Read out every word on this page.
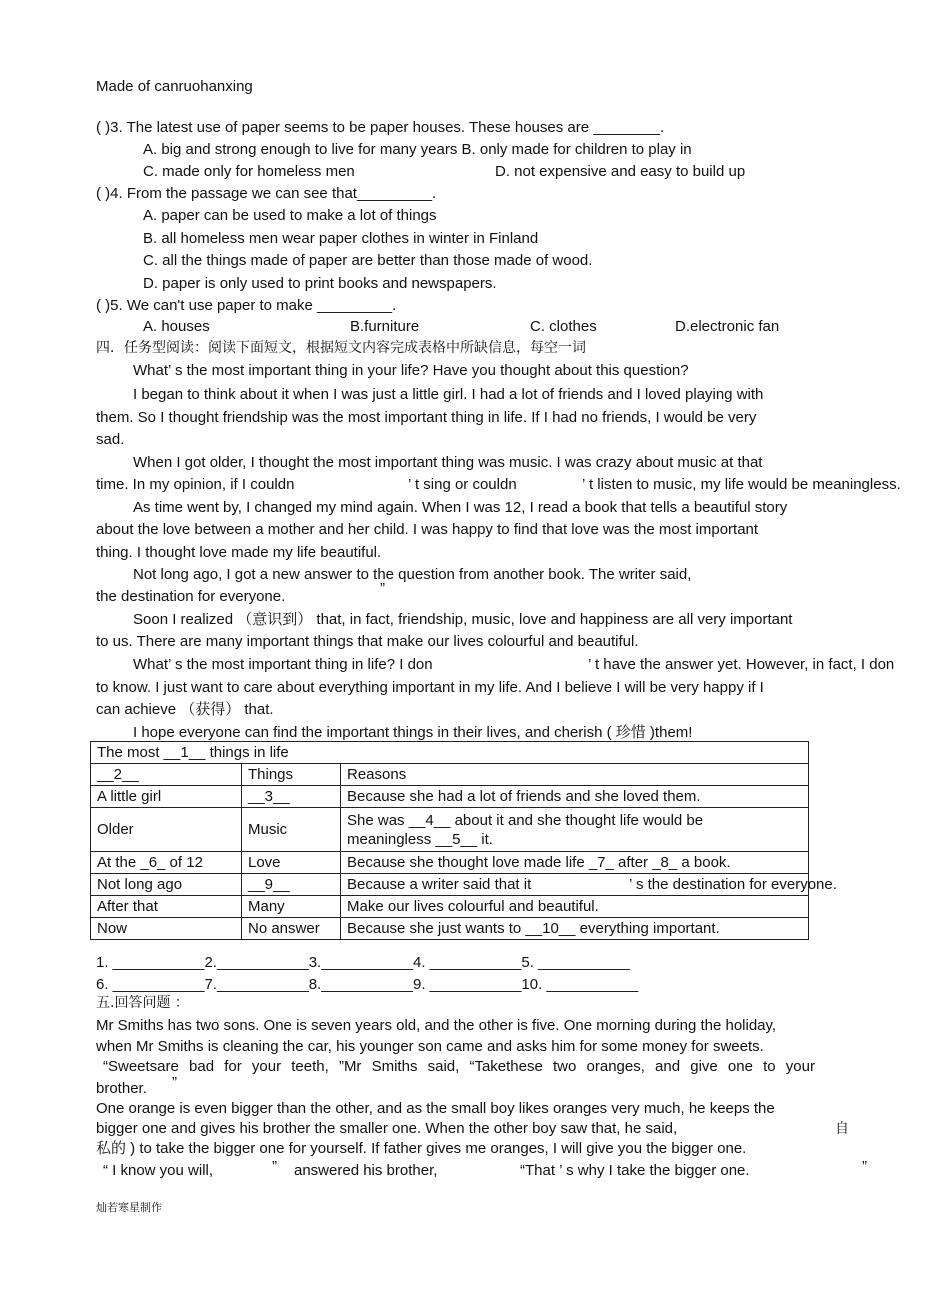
Made of canruohanxing
( )3. The latest use of paper seems to be paper houses. These houses are ________.
A. big and strong enough to live for many years B. only made for children to play in
C. made only for homeless men	D. not expensive and easy to build up
( )4. From the passage we can see that_________.
A. paper can be used to make a lot of things
B. all homeless men wear paper clothes in winter in Finland
C. all the things made of paper are better than those made of wood.
D. paper is only used to print books and newspapers.
( )5. We can't use paper to make _________.
A. houses	B.furniture	C. clothes	D.electronic fan
四．任务型阅读：阅读下面短文，根据短文内容完成表格中所缺信息，每空一词
What’ s the most important thing in your life? Have you thought about this question?
I began to think about it when I was just a little girl. I had a lot of friends and I loved playing with
them. So I thought friendship was the most important thing in life. If I had no friends, I would be very
sad.
When I got older, I thought the most important thing was music. I was crazy about music at that
time. In my opinion, if I couldn	’ t sing or couldn	’ t listen to music, my life would be meaningless.
As time went by, I changed my mind again. When I was 12, I read a book that tells a beautiful story
about the love between a mother and her child. I was happy to find that love was the most important
thing. I thought love made my life beautiful.
Not long ago, I got a new answer to the question from another book. The writer said,
the destination for everyone.	”
Soon I realized （意识到） that, in fact, friendship, music, love and happiness are all very important
to us. There are many important things that make our lives colourful and beautiful.
What’ s the most important thing in life? I don	’ t have the answer yet. However, in fact, I don
to know. I just want to care about everything important in my life. And I believe I will be very happy if I
can achieve （获得） that.
I hope everyone can find the important things in their lives, and cherish ( 珍惜 )them!
The most __1__ things in life		
__2__	Things	Reasons
A little girl	__3__	Because she had a lot of friends and she loved them.
Older	Music	She was __4__ about it and she thought life would be
meaningless __5__ it.

At the _6_ of 12	Love	Because she thought love made life _7_ after _8_ a book.
Not long ago	__9__	Because a writer said that it ’ s the destination for everyone.

After that	Many	Make our lives colourful and beautiful.
Now	No answer	Because she just wants to __10__ everything important.
1. ___________2.___________3.___________4. ___________5. ___________
6. ___________7.___________8.___________9. ___________10. ___________
五.回答问题 ：
Mr Smiths has two sons. One is seven years old, and the other is five. One morning during the holiday,
when Mr Smiths is cleaning the car, his younger son came and asks him for some money for sweets.
“Sweetsare bad for your teeth, ”Mr Smiths said, “Takethese two oranges, and give one to your
brother. ”
One orange is even bigger than the other, and as the small boy likes oranges very much, he keeps the
bigger one and gives his brother the smaller one. When the other boy saw that, he said,	自
私的 ) to take the bigger one for yourself. If father gives me oranges, I will give you the bigger one.
“ I know you will,	” answered his brother,	“That ’ s why I take the bigger one.	”
灿若寒星制作
